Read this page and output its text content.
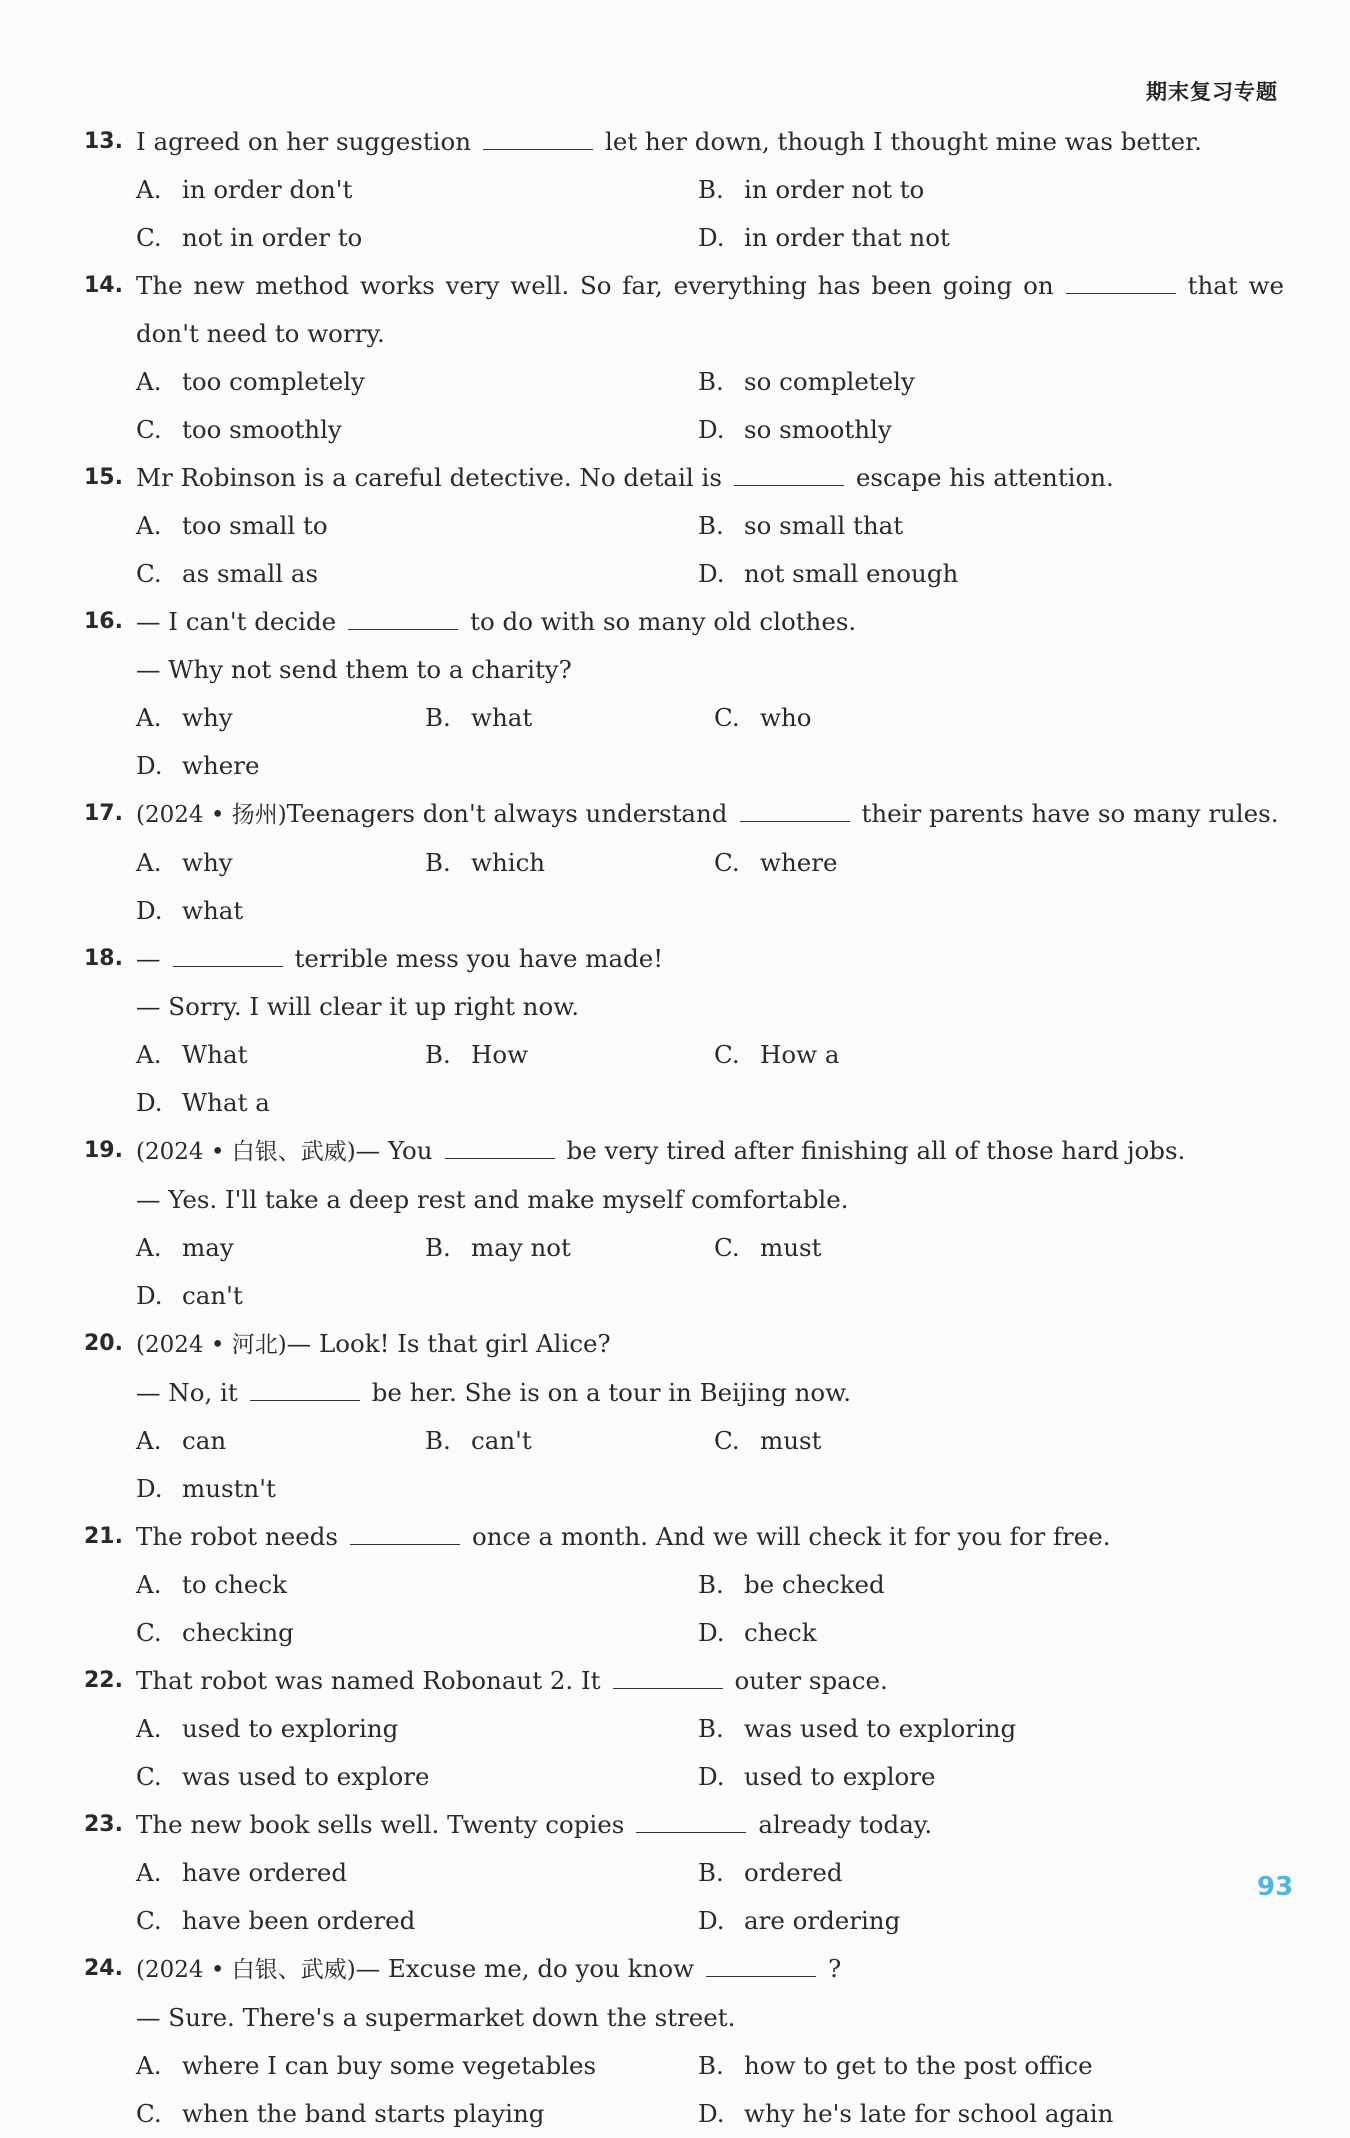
期末复习专题
13. I agreed on her suggestion	let her down, though I thought mine was better.
A. in order don't	B. in order not to
C. not in order to	D. in order that not
14. The new method works very well. So far, everything has been going on	that we
don't need to worry.
A. too completely	B. so completely
C. too smoothly	D. so smoothly
15. Mr Robinson is a careful detective. No detail is	escape his attention.
A. too small to	B. so small that
C. as small as	D. not small enough
16. — I can't decide	to do with so many old clothes.
— Why not send them to a charity?
A. why	B. what	C. who
D. where
17. (2024 • 扬州)Teenagers don't always understand	their parents have so many rules.
A. why	B. which	C. where
D. what
18. —	terrible mess you have made!
— Sorry. I will clear it up right now.
A. What	B. How	C. How a
D. What a
19. (2024 • 白银、武威)— You	be very tired after finishing all of those hard jobs.
— Yes. I'll take a deep rest and make myself comfortable.
A. may	B. may not	C. must
D. can't
20. (2024 • 河北)— Look! Is that girl Alice?
— No, it	be her. She is on a tour in Beijing now.
A. can	B. can't	C. must
D. mustn't
21. The robot needs	once a month. And we will check it for you for free.
A. to check	B. be checked
C. checking	D. check
22. That robot was named Robonaut 2. It	outer space.
A. used to exploring	B. was used to exploring
C. was used to explore	D. used to explore
23. The new book sells well. Twenty copies	already today.
A. have ordered	B. ordered
C. have been ordered	D. are ordering
24. (2024 • 白银、武威)— Excuse me, do you know	?
— Sure. There's a supermarket down the street.
A. where I can buy some vegetables	B. how to get to the post office
C. when the band starts playing	D. why he's late for school again
93
